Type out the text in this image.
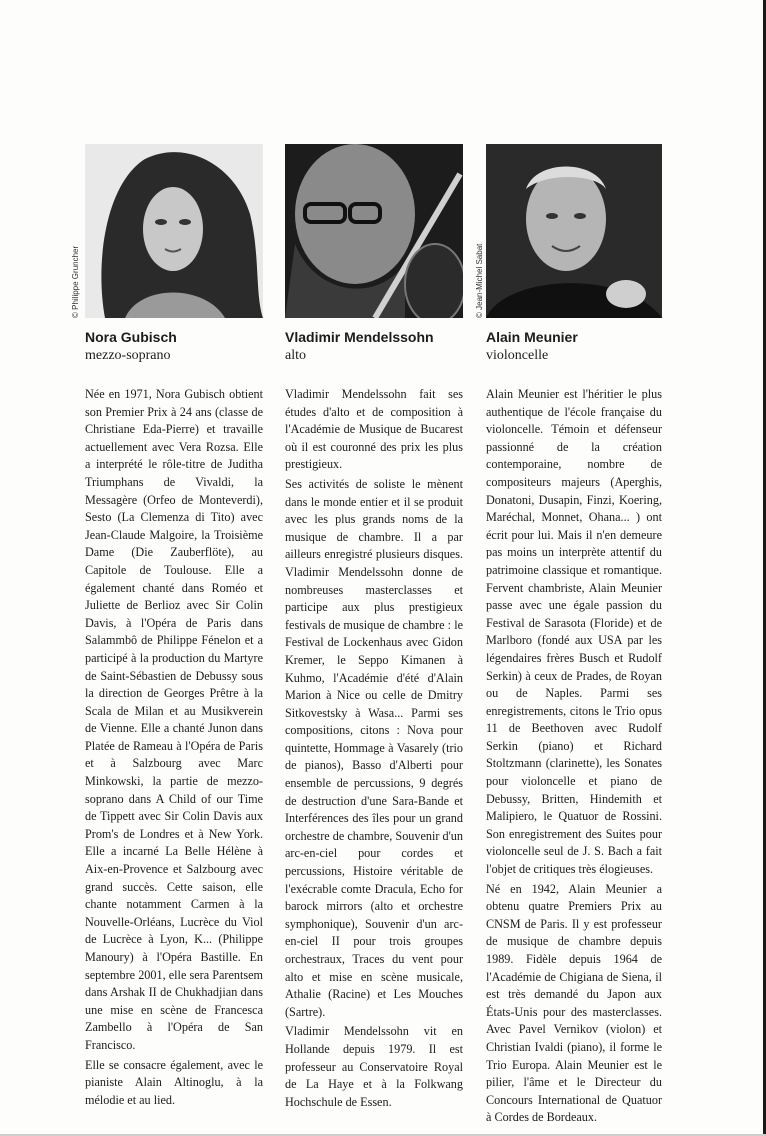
© Philippe Gruncher	© Jean-Michel Sabat

Nora Gubisch

mezzo-soprano

Née en 1971, Nora Gubisch obtient son Premier Prix à 24 ans (classe de Christiane Eda-Pierre) et travaille actuellement avec Vera Rozsa. Elle a interprété le rôle-titre de Juditha Triumphans de Vivaldi, la Messagère (Orfeo de Monteverdi), Sesto (La Clemenza di Tito) avec Jean-Claude Malgoire, la Troisième Dame (Die Zauberflöte), au Capitole de Toulouse. Elle a également chanté dans Roméo et Juliette de Berlioz avec Sir Colin Davis, à l'Opéra de Paris dans Salammbô de Philippe Fénelon et a participé à la production du Martyre de Saint-Sébastien de Debussy sous la direction de Georges Prêtre à la Scala de Milan et au Musikverein de Vienne. Elle a chanté Junon dans Platée de Rameau à l'Opéra de Paris et à Salzbourg avec Marc Minkowski, la partie de mezzo-soprano dans A Child of our Time de Tippett avec Sir Colin Davis aux Prom's de Londres et à New York. Elle a incarné La Belle Hélène à Aix-en-Provence et Salzbourg avec grand succès. Cette saison, elle chante notamment Carmen à la Nouvelle-Orléans, Lucrèce du Viol de Lucrèce à Lyon, K... (Philippe Manoury) à l'Opéra Bastille. En septembre 2001, elle sera Parentsem dans Arshak II de Chukhadjian dans une mise en scène de Francesca Zambello à l'Opéra de San Francisco.

Elle se consacre également, avec le pianiste Alain Altinoglu, à la mélodie et au lied.

Vladimir Mendelssohn

alto

Vladimir Mendelssohn fait ses études d'alto et de composition à l'Académie de Musique de Bucarest où il est couronné des prix les plus prestigieux.

Ses activités de soliste le mènent dans le monde entier et il se produit avec les plus grands noms de la musique de chambre. Il a par ailleurs enregistré plusieurs disques. Vladimir Mendelssohn donne de nombreuses masterclasses et participe aux plus prestigieux festivals de musique de chambre : le Festival de Lockenhaus avec Gidon Kremer, le Seppo Kimanen à Kuhmo, l'Académie d'été d'Alain Marion à Nice ou celle de Dmitry Sitkovestsky à Wasa... Parmi ses compositions, citons : Nova pour quintette, Hommage à Vasarely (trio de pianos), Basso d'Alberti pour ensemble de percussions, 9 degrés de destruction d'une Sara-Bande et Interférences des îles pour un grand orchestre de chambre, Souvenir d'un arc-en-ciel pour cordes et percussions, Histoire véritable de l'exécrable comte Dracula, Echo for barock mirrors (alto et orchestre symphonique), Souvenir d'un arc-en-ciel II pour trois groupes orchestraux, Traces du vent pour alto et mise en scène musicale, Athalie (Racine) et Les Mouches (Sartre).

Vladimir Mendelssohn vit en Hollande depuis 1979. Il est professeur au Conservatoire Royal de La Haye et à la Folkwang Hochschule de Essen.

Alain Meunier

violoncelle

Alain Meunier est l'héritier le plus authentique de l'école française du violoncelle. Témoin et défenseur passionné de la création contemporaine, nombre de compositeurs majeurs (Aperghis, Donatoni, Dusapin, Finzi, Koering, Maréchal, Monnet, Ohana... ) ont écrit pour lui. Mais il n'en demeure pas moins un interprète attentif du patrimoine classique et romantique. Fervent chambriste, Alain Meunier passe avec une égale passion du Festival de Sarasota (Floride) et de Marlboro (fondé aux USA par les légendaires frères Busch et Rudolf Serkin) à ceux de Prades, de Royan ou de Naples. Parmi ses enregistrements, citons le Trio opus 11 de Beethoven avec Rudolf Serkin (piano) et Richard Stoltzmann (clarinette), les Sonates pour violoncelle et piano de Debussy, Britten, Hindemith et Malipiero, le Quatuor de Rossini. Son enregistrement des Suites pour violoncelle seul de J. S. Bach a fait l'objet de critiques très élogieuses.

Né en 1942, Alain Meunier a obtenu quatre Premiers Prix au CNSM de Paris. Il y est professeur de musique de chambre depuis 1989. Fidèle depuis 1964 de l'Académie de Chigiana de Siena, il est très demandé du Japon aux États-Unis pour des masterclasses. Avec Pavel Vernikov (violon) et Christian Ivaldi (piano), il forme le Trio Europa. Alain Meunier est le pilier, l'âme et le Directeur du Concours International de Quatuor à Cordes de Bordeaux.
